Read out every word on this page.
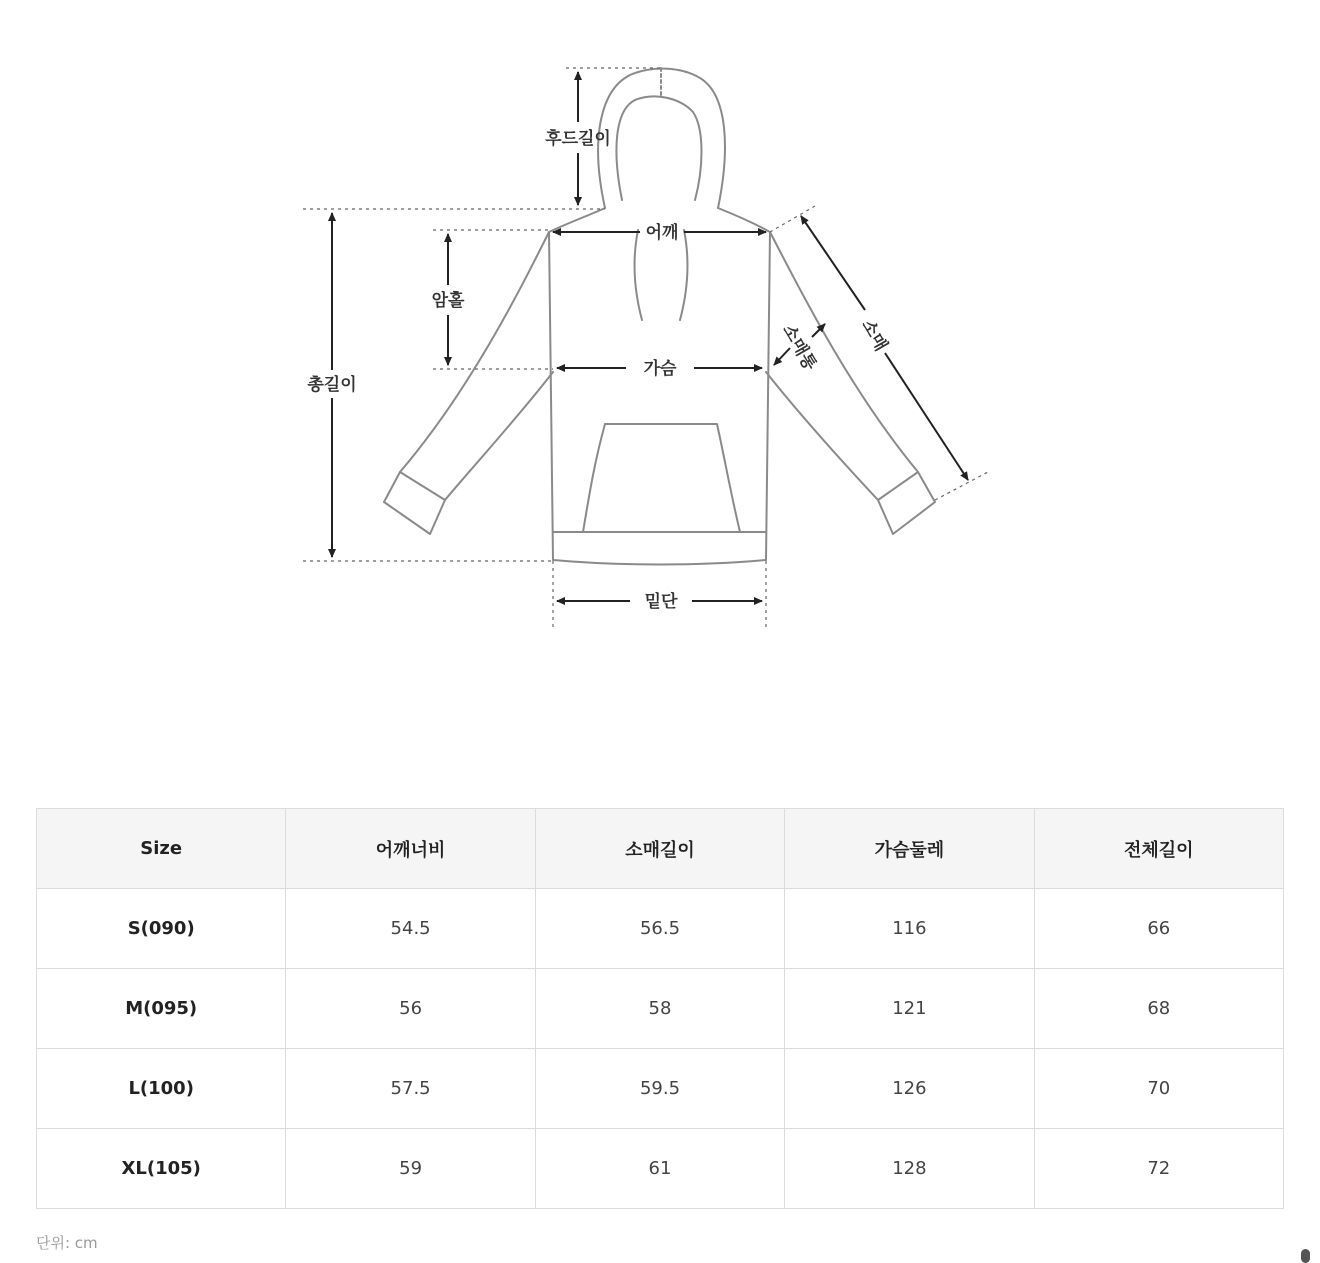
후드길이
어깨
암홀
총길이
가슴	소매통 소매
밑단
Size	어깨너비	소매길이	가슴둘레	전체길이
S(090)	54.5	56.5	116	66
M(095)	56	58	121	68
L(100)	57.5	59.5	126	70
XL(105)	59	61	128	72
단위: cm
